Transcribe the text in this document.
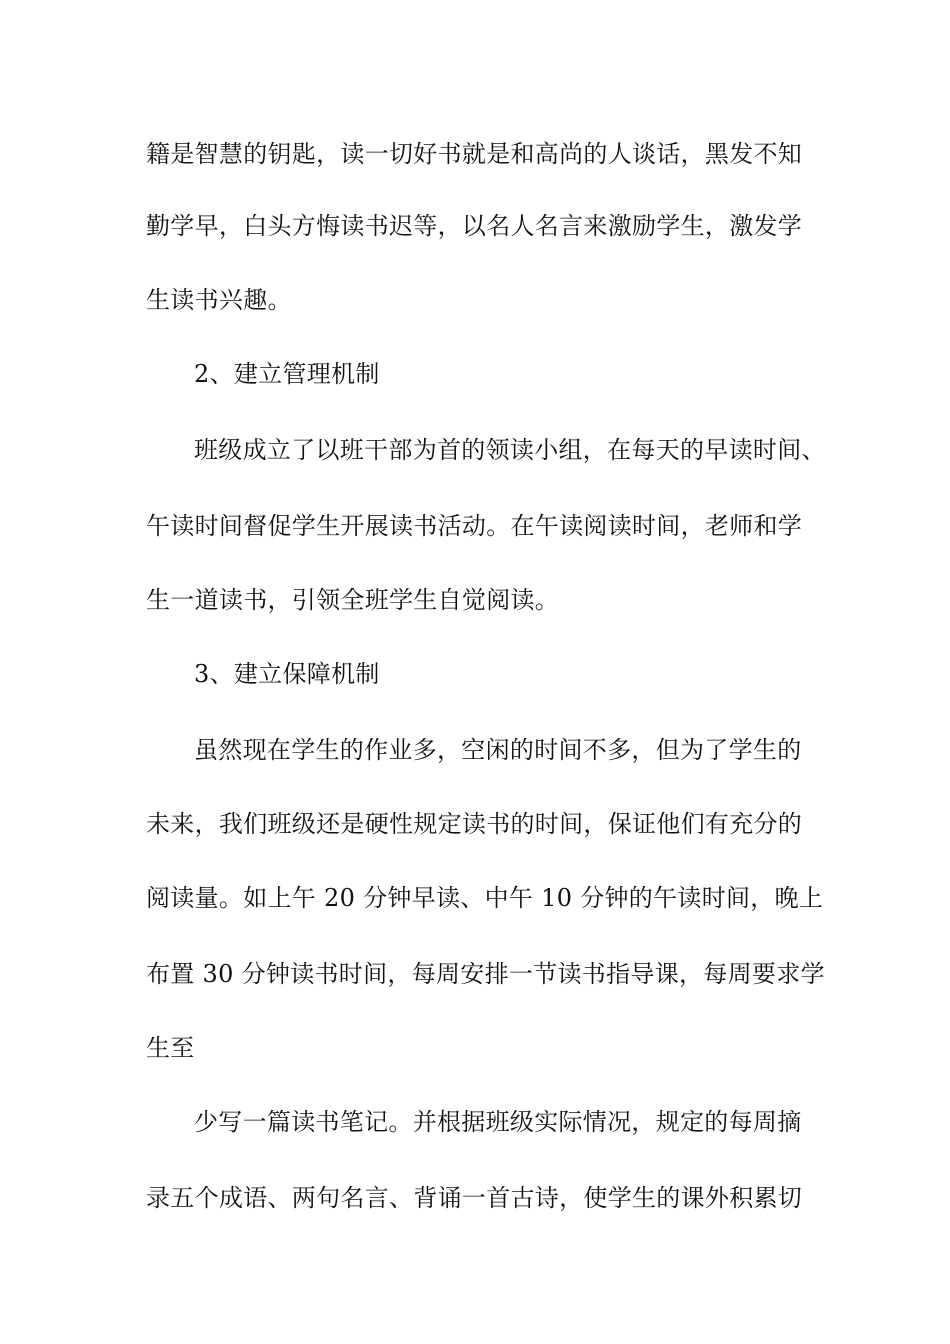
籍是智慧的钥匙，读一切好书就是和高尚的人谈话，黑发不知
勤学早，白头方悔读书迟等，以名人名言来激励学生，激发学
生读书兴趣。
2、建立管理机制
班级成立了以班干部为首的领读小组，在每天的早读时间、
午读时间督促学生开展读书活动。在午读阅读时间，老师和学
生一道读书，引领全班学生自觉阅读。
3、建立保障机制
虽然现在学生的作业多，空闲的时间不多，但为了学生的
未来，我们班级还是硬性规定读书的时间，保证他们有充分的
阅读量。如上午 20 分钟早读、中午 10 分钟的午读时间，晚上
布置 30 分钟读书时间，每周安排一节读书指导课，每周要求学
生至
少写一篇读书笔记。并根据班级实际情况，规定的每周摘
录五个成语、两句名言、背诵一首古诗，使学生的课外积累切
